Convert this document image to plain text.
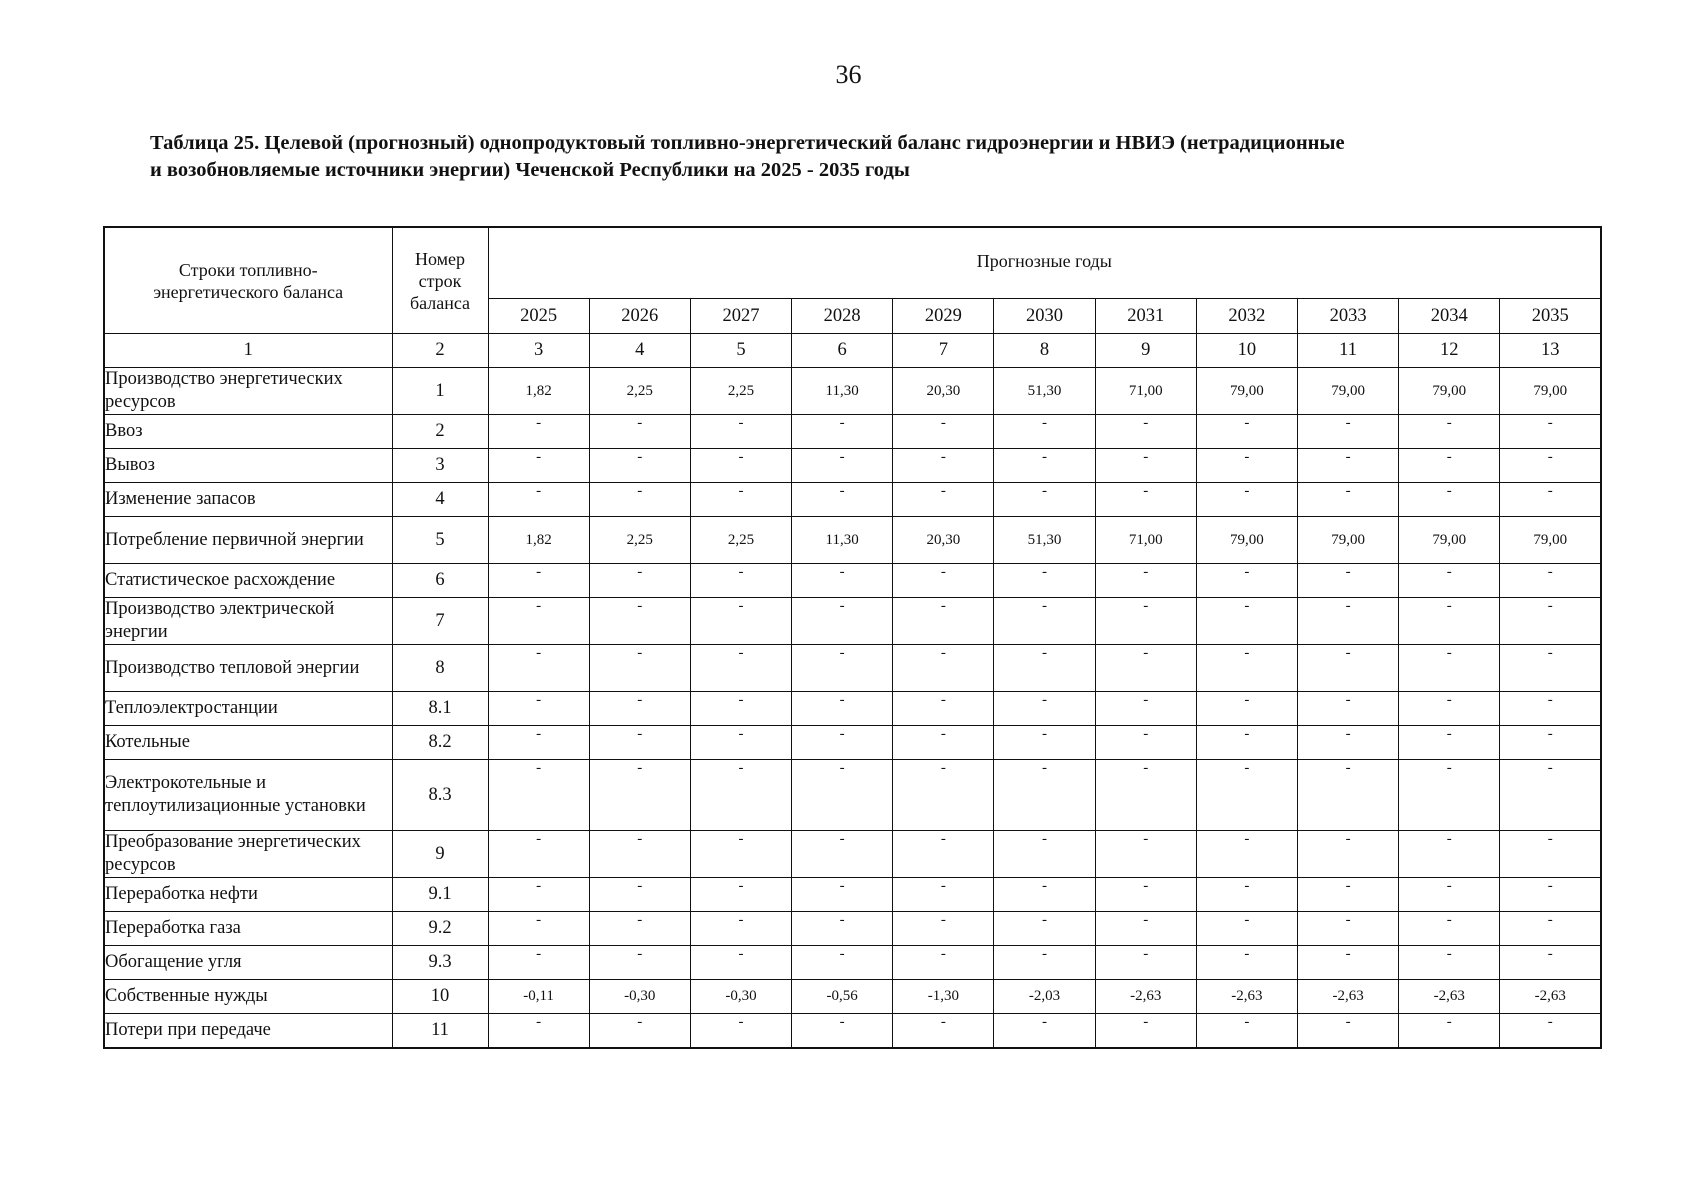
36
Таблица 25. Целевой (прогнозный) однопродуктовый топливно-энергетический баланс гидроэнергии и НВИЭ (нетрадиционные
и возобновляемые источники энергии) Чеченской Республики на 2025 - 2035 годы
Строки топливно-энергетического баланса	Номер строк баланса	Прогнозные годы										
		2025	2026	2027	2028	2029	2030	2031	2032	2033	2034	2035
1	2	3	4	5	6	7	8	9	10	11	12	13
Производство энергетических ресурсов	1	1,82	2,25	2,25	11,30	20,30	51,30	71,00	79,00	79,00	79,00	79,00
Ввоз	2	-	-	-	-	-	-	-	-	-	-	-
Вывоз	3	-	-	-	-	-	-	-	-	-	-	-
Изменение запасов	4	-	-	-	-	-	-	-	-	-	-	-
Потребление первичной энергии	5	1,82	2,25	2,25	11,30	20,30	51,30	71,00	79,00	79,00	79,00	79,00
Статистическое расхождение	6	-	-	-	-	-	-	-	-	-	-	-
Производство электрической энергии	7	-	-	-	-	-	-	-	-	-	-	-
Производство тепловой энергии	8	-	-	-	-	-	-	-	-	-	-	-
Теплоэлектростанции	8.1	-	-	-	-	-	-	-	-	-	-	-
Котельные	8.2	-	-	-	-	-	-	-	-	-	-	-
Электрокотельные и теплоутилизационные установки	8.3	-	-	-	-	-	-	-	-	-	-	-
Преобразование энергетических ресурсов	9	-	-	-	-	-	-	-	-	-	-	-
Переработка нефти	9.1	-	-	-	-	-	-	-	-	-	-	-
Переработка газа	9.2	-	-	-	-	-	-	-	-	-	-	-
Обогащение угля	9.3	-	-	-	-	-	-	-	-	-	-	-
Собственные нужды	10	-0,11	-0,30	-0,30	-0,56	-1,30	-2,03	-2,63	-2,63	-2,63	-2,63	-2,63
Потери при передаче	11	-	-	-	-	-	-	-	-	-	-	-
